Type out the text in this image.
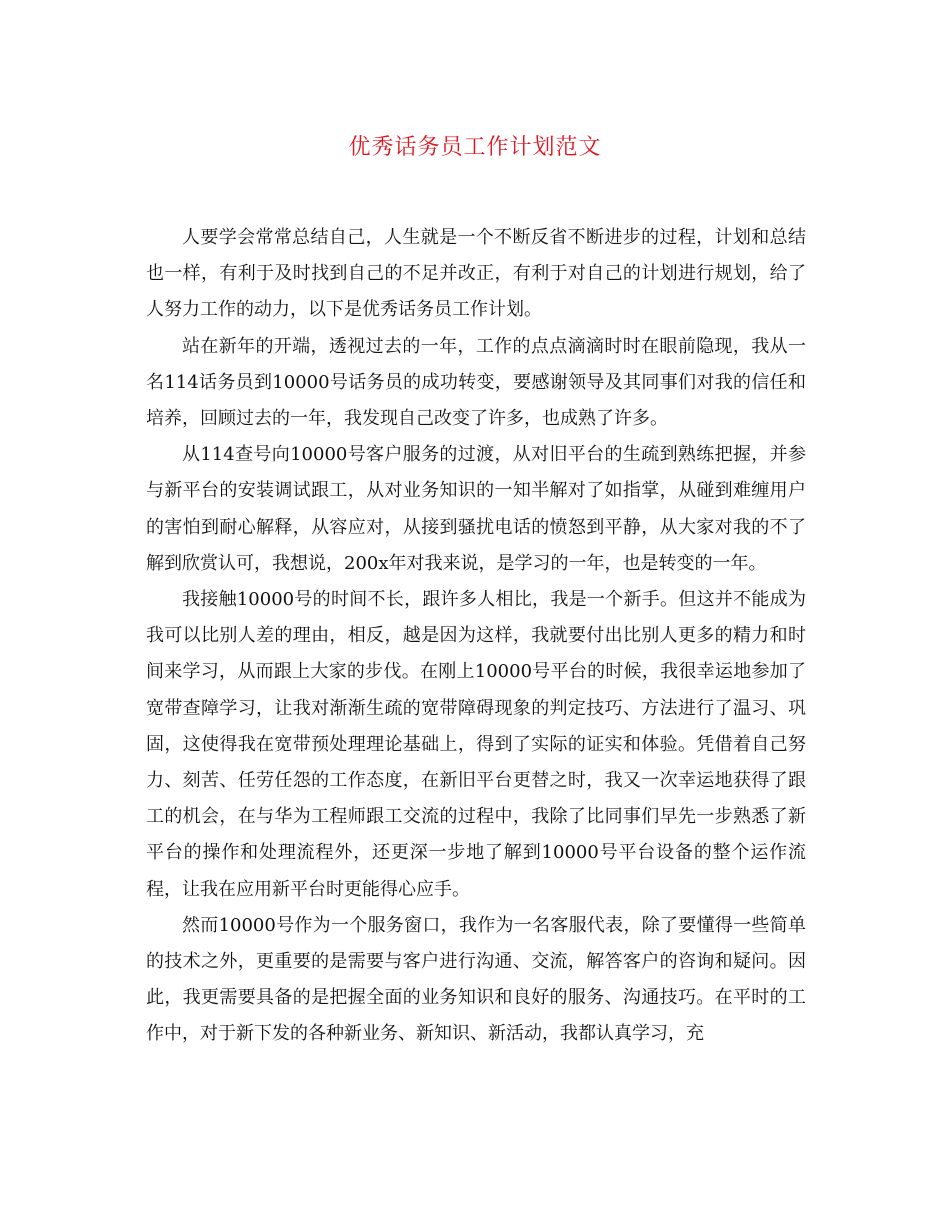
优秀话务员工作计划范文

人要学会常常总结自己，人生就是一个不断反省不断进步的过程，计划和总结也一样，有利于及时找到自己的不足并改正，有利于对自己的计划进行规划，给了人努力工作的动力，以下是优秀话务员工作计划。

站在新年的开端，透视过去的一年，工作的点点滴滴时时在眼前隐现，我从一名114话务员到10000号话务员的成功转变，要感谢领导及其同事们对我的信任和培养，回顾过去的一年，我发现自己改变了许多，也成熟了许多。

从114查号向10000号客户服务的过渡，从对旧平台的生疏到熟练把握，并参与新平台的安装调试跟工，从对业务知识的一知半解对了如指掌，从碰到难缠用户的害怕到耐心解释，从容应对，从接到骚扰电话的愤怒到平静，从大家对我的不了解到欣赏认可，我想说，200x年对我来说，是学习的一年，也是转变的一年。

我接触10000号的时间不长，跟许多人相比，我是一个新手。但这并不能成为我可以比别人差的理由，相反，越是因为这样，我就要付出比别人更多的精力和时间来学习，从而跟上大家的步伐。在刚上10000号平台的时候，我很幸运地参加了宽带查障学习，让我对渐渐生疏的宽带障碍现象的判定技巧、方法进行了温习、巩固，这使得我在宽带预处理理论基础上，得到了实际的证实和体验。凭借着自己努力、刻苦、任劳任怨的工作态度，在新旧平台更替之时，我又一次幸运地获得了跟工的机会，在与华为工程师跟工交流的过程中，我除了比同事们早先一步熟悉了新平台的操作和处理流程外，还更深一步地了解到10000号平台设备的整个运作流程，让我在应用新平台时更能得心应手。

然而10000号作为一个服务窗口，我作为一名客服代表，除了要懂得一些简单的技术之外，更重要的是需要与客户进行沟通、交流，解答客户的咨询和疑问。因此，我更需要具备的是把握全面的业务知识和良好的服务、沟通技巧。在平时的工作中，对于新下发的各种新业务、新知识、新活动，我都认真学习，充
